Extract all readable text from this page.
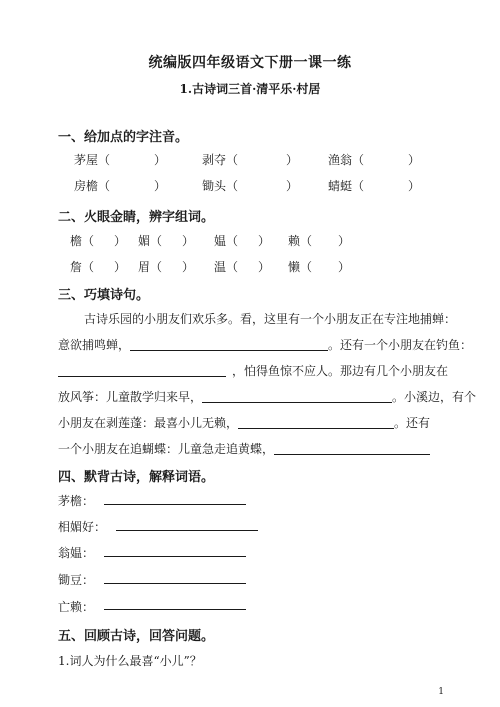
统编版四年级语文下册一课一练
1.古诗词三首·清平乐·村居
一、给加点的字注音。
茅屋（	）	剥夺（	） 渔翁（	）
房檐（	）	锄头（	） 蜻蜓（	）
二、火眼金睛，辨字组词。
檐（ ） 媚（ ） 媪（ ） 赖（ ）
詹（ ） 眉（ ） 温（ ） 懒（ ）
三、巧填诗句。
古诗乐园的小朋友们欢乐多。看，这里有一个小朋友正在专注地捕蝉：
意欲捕鸣蝉，	。还有一个小朋友在钓鱼：
，怕得鱼惊不应人。那边有几个小朋友在
放风筝：儿童散学归来早，	。小溪边，有个
小朋友在剥莲蓬：最喜小儿无赖，	。还有
一个小朋友在追蝴蝶：儿童急走追黄蝶，
四、默背古诗，解释词语。
茅檐：
相媚好：
翁媪：
锄豆：
亡赖：
五、回顾古诗，回答问题。
1.词人为什么最喜“小儿”？
1
